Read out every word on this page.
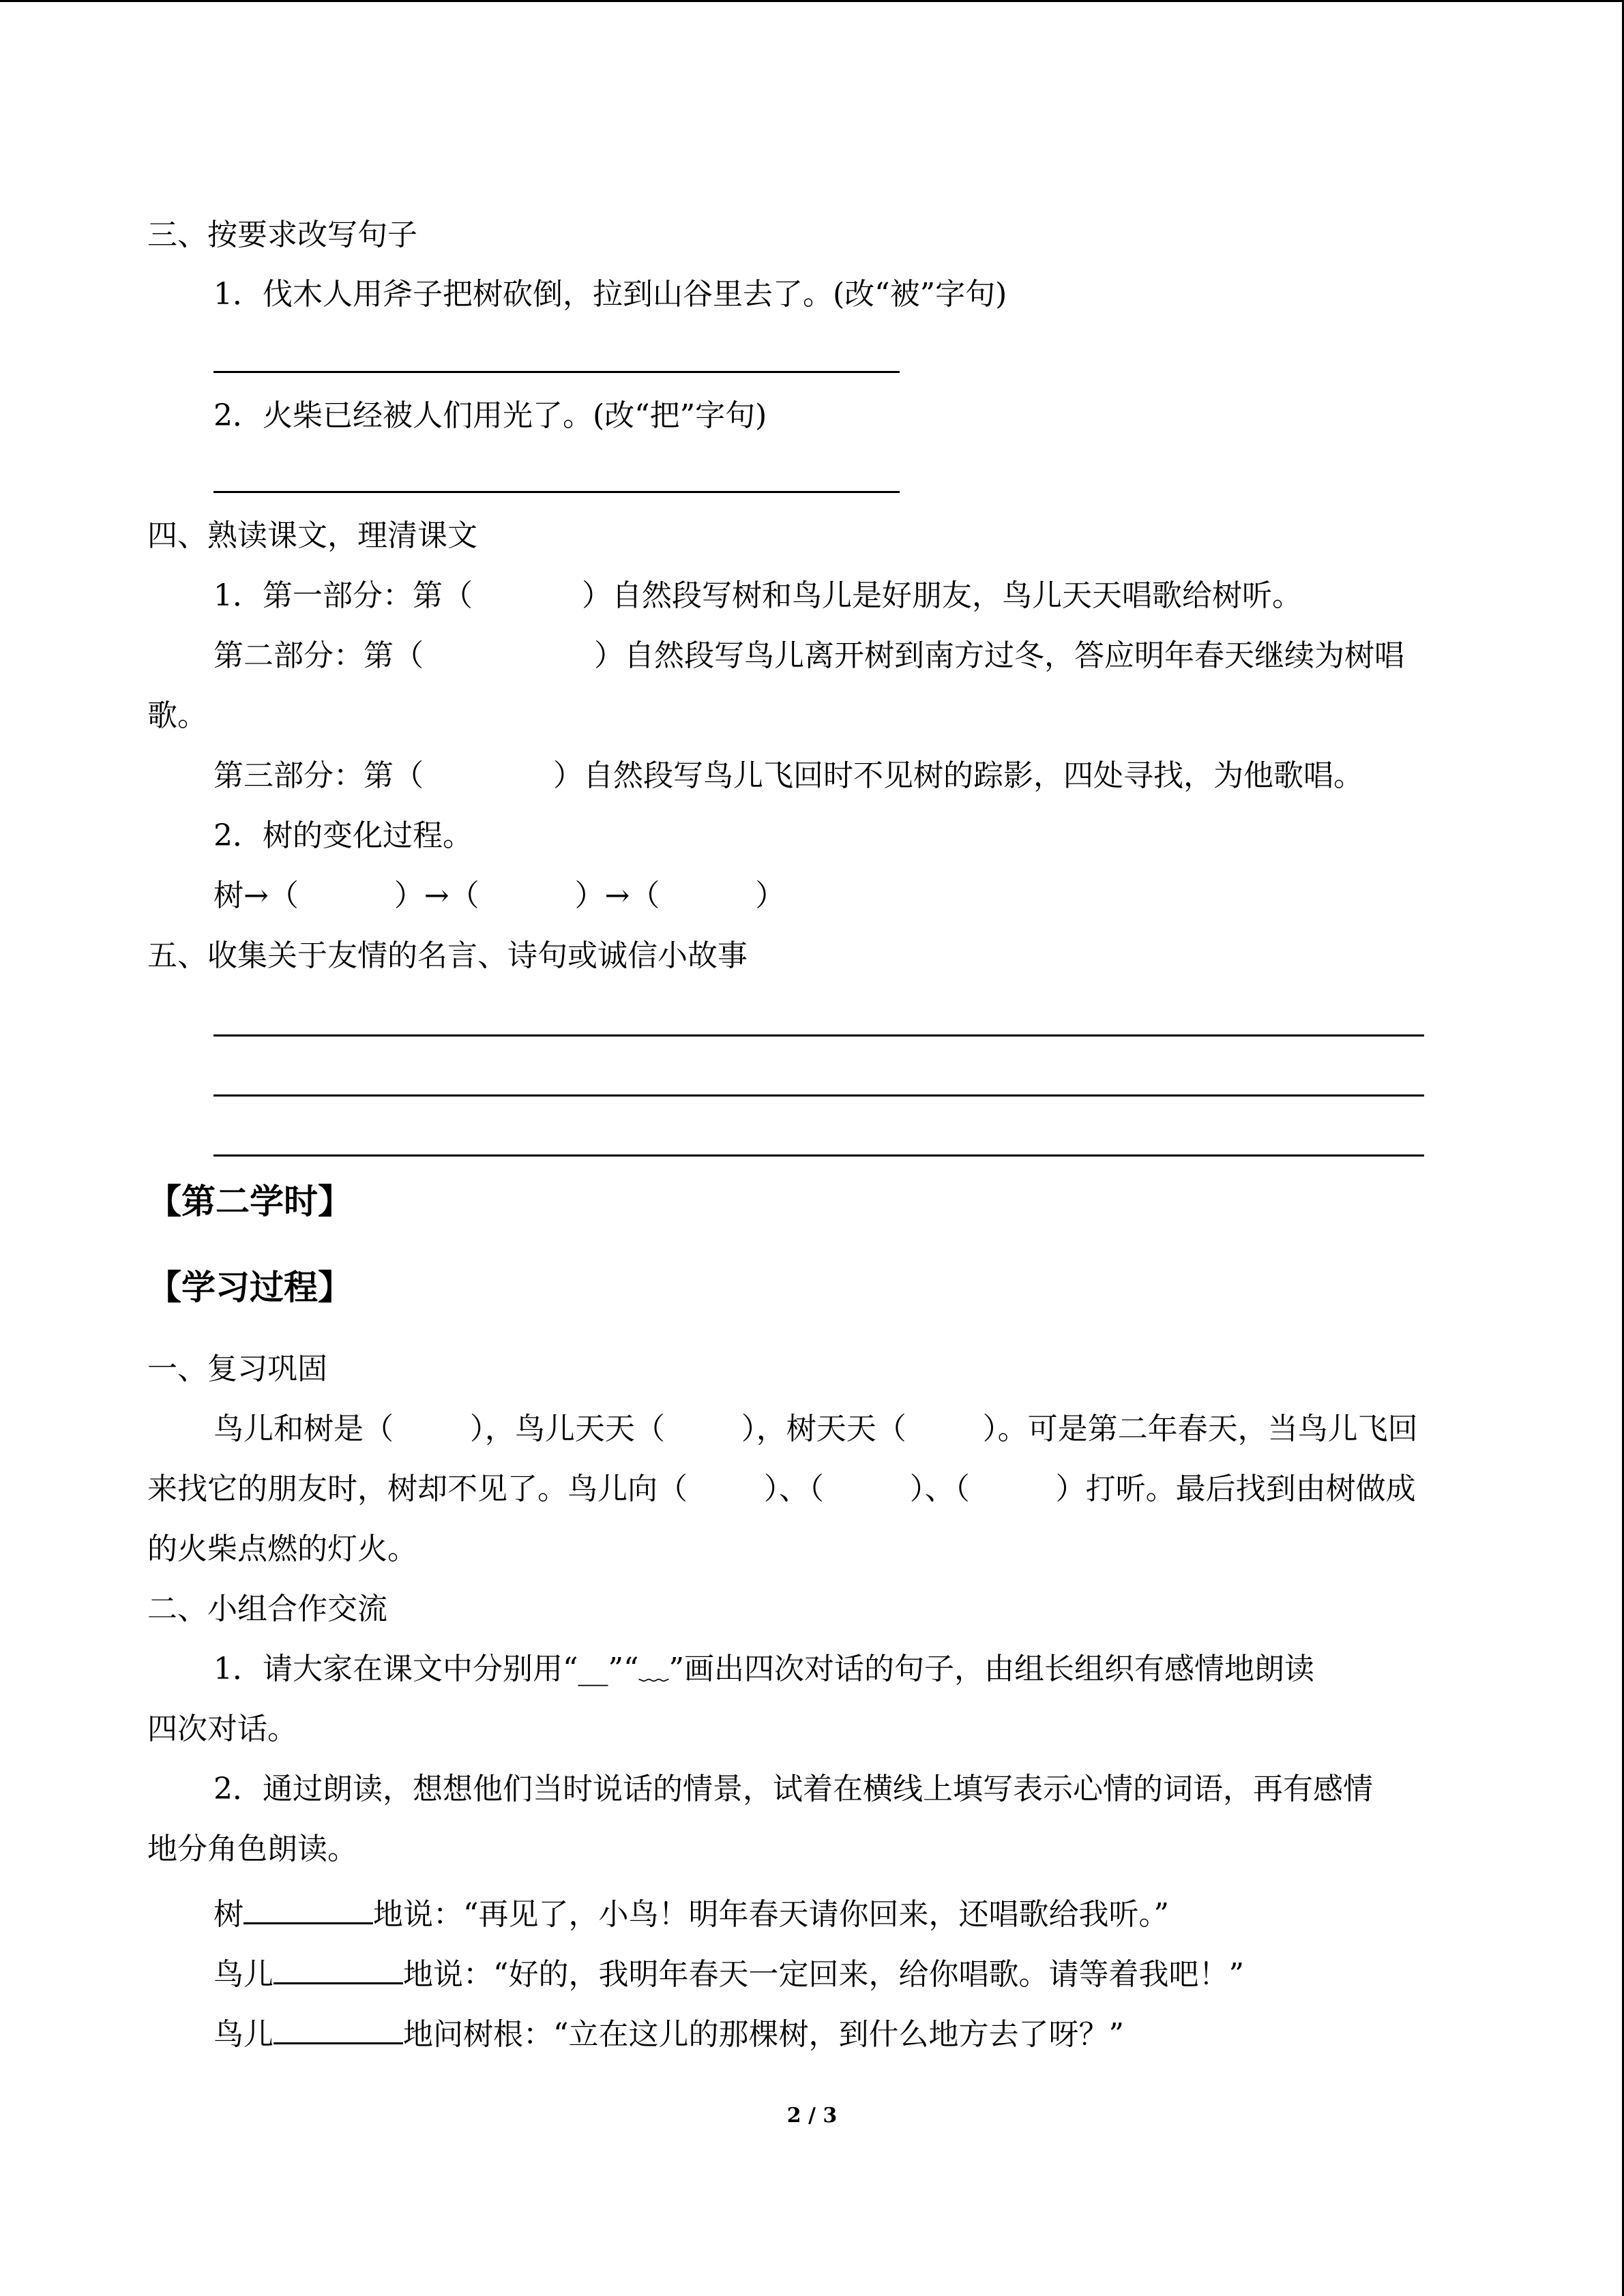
三、按要求改写句子
1．伐木人用斧子把树砍倒，拉到山谷里去了。(改“被”字句)
2．火柴已经被人们用光了。(改“把”字句)
四、熟读课文，理清课文
1．第一部分：第（	）自然段写树和鸟儿是好朋友，鸟儿天天唱歌给树听。
第二部分：第（	）自然段写鸟儿离开树到南方过冬，答应明年春天继续为树唱
歌。
第三部分：第（	）自然段写鸟儿飞回时不见树的踪影，四处寻找，为他歌唱。
2．树的变化过程。
树→（          ）→（          ）→（          ）
五、收集关于友情的名言、诗句或诚信小故事
【第二学时】
【学习过程】
一、复习巩固
鸟儿和树是（        ），鸟儿天天（        ），树天天（        ）。可是第二年春天，当鸟儿飞回
来找它的朋友时，树却不见了。鸟儿向（        ）、（         ）、（         ）打听。最后找到由树做成
的火柴点燃的灯火。
二、小组合作交流
1．请大家在课文中分别用“__”“﹏”画出四次对话的句子，由组长组织有感情地朗读
四次对话。
2．通过朗读，想想他们当时说话的情景，试着在横线上填写表示心情的词语，再有感情
地分角色朗读。
树	地说：“再见了，小鸟！明年春天请你回来，还唱歌给我听。”
鸟儿	地说：“好的，我明年春天一定回来，给你唱歌。请等着我吧！”
鸟儿	地问树根：“立在这儿的那棵树，到什么地方去了呀？”
2 / 3
